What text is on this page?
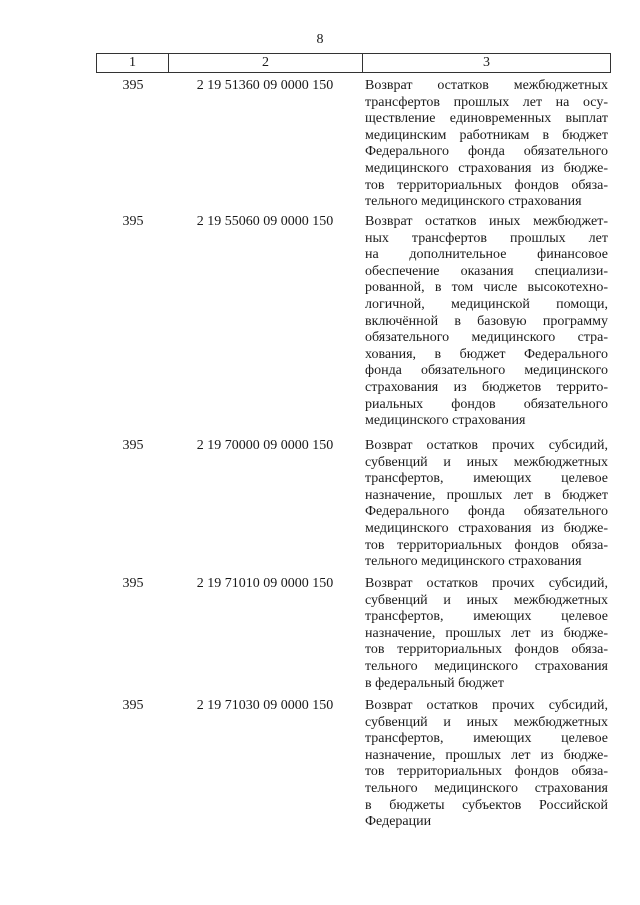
8
1	2	3
395	2 19 51360 09 0000 150	Возврат остатков межбюджетных
трансфертов прошлых лет на осу-
ществление единовременных выплат
медицинским работникам в бюджет
Федерального фонда обязательного
медицинского страхования из бюдже-
тов территориальных фондов обяза-
тельного медицинского страхования
395	2 19 55060 09 0000 150	Возврат остатков иных межбюджет-
ных трансфертов прошлых лет
на дополнительное финансовое
обеспечение оказания специализи-
рованной, в том числе высокотехно-
логичной, медицинской помощи,
включённой в базовую программу
обязательного медицинского стра-
хования, в бюджет Федерального
фонда обязательного медицинского
страхования из бюджетов террито-
риальных фондов обязательного
медицинского страхования
395	2 19 70000 09 0000 150	Возврат остатков прочих субсидий,
субвенций и иных межбюджетных
трансфертов, имеющих целевое
назначение, прошлых лет в бюджет
Федерального фонда обязательного
медицинского страхования из бюдже-
тов территориальных фондов обяза-
тельного медицинского страхования
395	2 19 71010 09 0000 150	Возврат остатков прочих субсидий,
субвенций и иных межбюджетных
трансфертов, имеющих целевое
назначение, прошлых лет из бюдже-
тов территориальных фондов обяза-
тельного медицинского страхования
в федеральный бюджет
395	2 19 71030 09 0000 150	Возврат остатков прочих субсидий,
субвенций и иных межбюджетных
трансфертов, имеющих целевое
назначение, прошлых лет из бюдже-
тов территориальных фондов обяза-
тельного медицинского страхования
в бюджеты субъектов Российской
Федерации
